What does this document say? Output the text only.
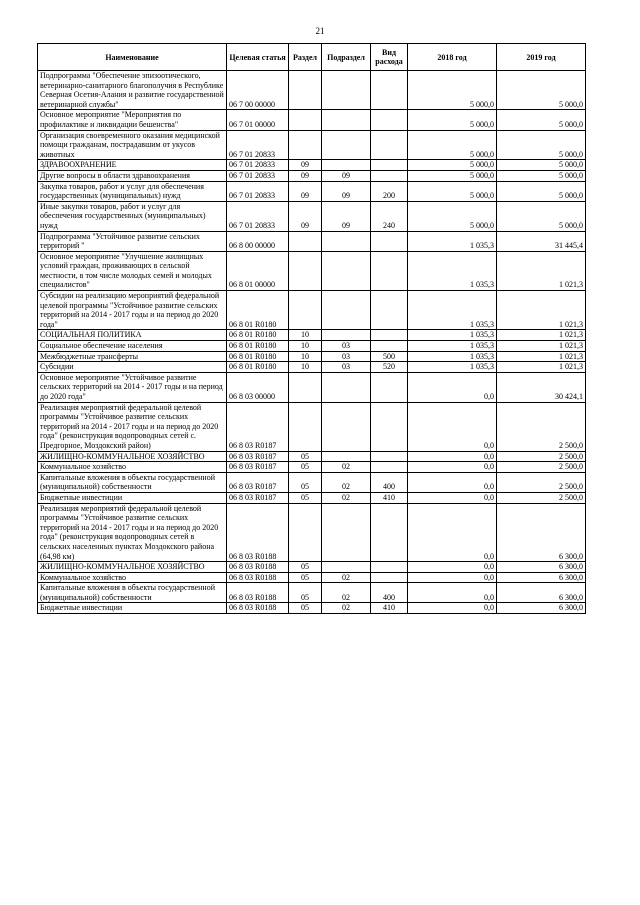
21
Наименование	Целевая статья	Раздел	Подраздел	Вид расхода	2018 год	2019 год
Подпрограмма "Обеспечение эпизоотического, ветеринарно-санитарного благополучия в Республике Северная Осетия-Алания и развитие государственной ветеринарной службы"	06 7 00 00000				5 000,0	5 000,0
Основное мероприятие "Мероприятия по профилактике и ликвидации бешенства"	06 7 01 00000				5 000,0	5 000,0
Организация своевременного оказания медицинской помощи гражданам, пострадавшим от укусов животных	06 7 01 20833				5 000,0	5 000,0
ЗДРАВООХРАНЕНИЕ	06 7 01 20833	09			5 000,0	5 000,0
Другие вопросы в области здравоохранения	06 7 01 20833	09	09		5 000,0	5 000,0
Закупка товаров, работ и услуг для обеспечения государственных (муниципальных) нужд	06 7 01 20833	09	09	200	5 000,0	5 000,0
Иные закупки товаров, работ и услуг для обеспечения государственных (муниципальных) нужд	06 7 01 20833	09	09	240	5 000,0	5 000,0
Подпрограмма "Устойчивое развитие сельских территорий "	06 8 00 00000				1 035,3	31 445,4
Основное мероприятие "Улучшение жилищных условий граждан, проживающих в сельской местности, в том числе молодых семей и молодых специалистов"	06 8 01 00000				1 035,3	1 021,3
Субсидии на реализацию мероприятий федеральной целевой программы "Устойчивое развитие сельских территорий на 2014 - 2017 годы и на период до 2020 года"	06 8 01 R0180				1 035,3	1 021,3
СОЦИАЛЬНАЯ ПОЛИТИКА	06 8 01 R0180	10			1 035,3	1 021,3
Социальное обеспечение населения	06 8 01 R0180	10	03		1 035,3	1 021,3
Межбюджетные трансферты	06 8 01 R0180	10	03	500	1 035,3	1 021,3
Субсидии	06 8 01 R0180	10	03	520	1 035,3	1 021,3
Основное мероприятие "Устойчивое развитие сельских территорий на 2014 - 2017 годы и на период до 2020 года"	06 8 03 00000				0,0	30 424,1
Реализация мероприятий федеральной целевой программы "Устойчивое развитие сельских территорий на 2014 - 2017 годы и на период до 2020 года" (реконструкция водопроводных сетей с. Предгорное, Моздокский район)	06 8 03 R0187				0,0	2 500,0
ЖИЛИЩНО-КОММУНАЛЬНОЕ ХОЗЯЙСТВО	06 8 03 R0187	05			0,0	2 500,0
Коммунальное хозяйство	06 8 03 R0187	05	02		0,0	2 500,0
Капитальные вложения в объекты государственной (муниципальной) собственности	06 8 03 R0187	05	02	400	0,0	2 500,0
Бюджетные инвестиции	06 8 03 R0187	05	02	410	0,0	2 500,0
Реализация мероприятий федеральной целевой программы "Устойчивое развитие сельских территорий на 2014 - 2017 годы и на период до 2020 года" (реконструкция водопроводных сетей в сельских населенных пунктах Моздокского района (64,98 км)	06 8 03 R0188				0,0	6 300,0
ЖИЛИЩНО-КОММУНАЛЬНОЕ ХОЗЯЙСТВО	06 8 03 R0188	05			0,0	6 300,0
Коммунальное хозяйство	06 8 03 R0188	05	02		0,0	6 300,0
Капитальные вложения в объекты государственной (муниципальной) собственности	06 8 03 R0188	05	02	400	0,0	6 300,0
Бюджетные инвестиции	06 8 03 R0188	05	02	410	0,0	6 300,0
